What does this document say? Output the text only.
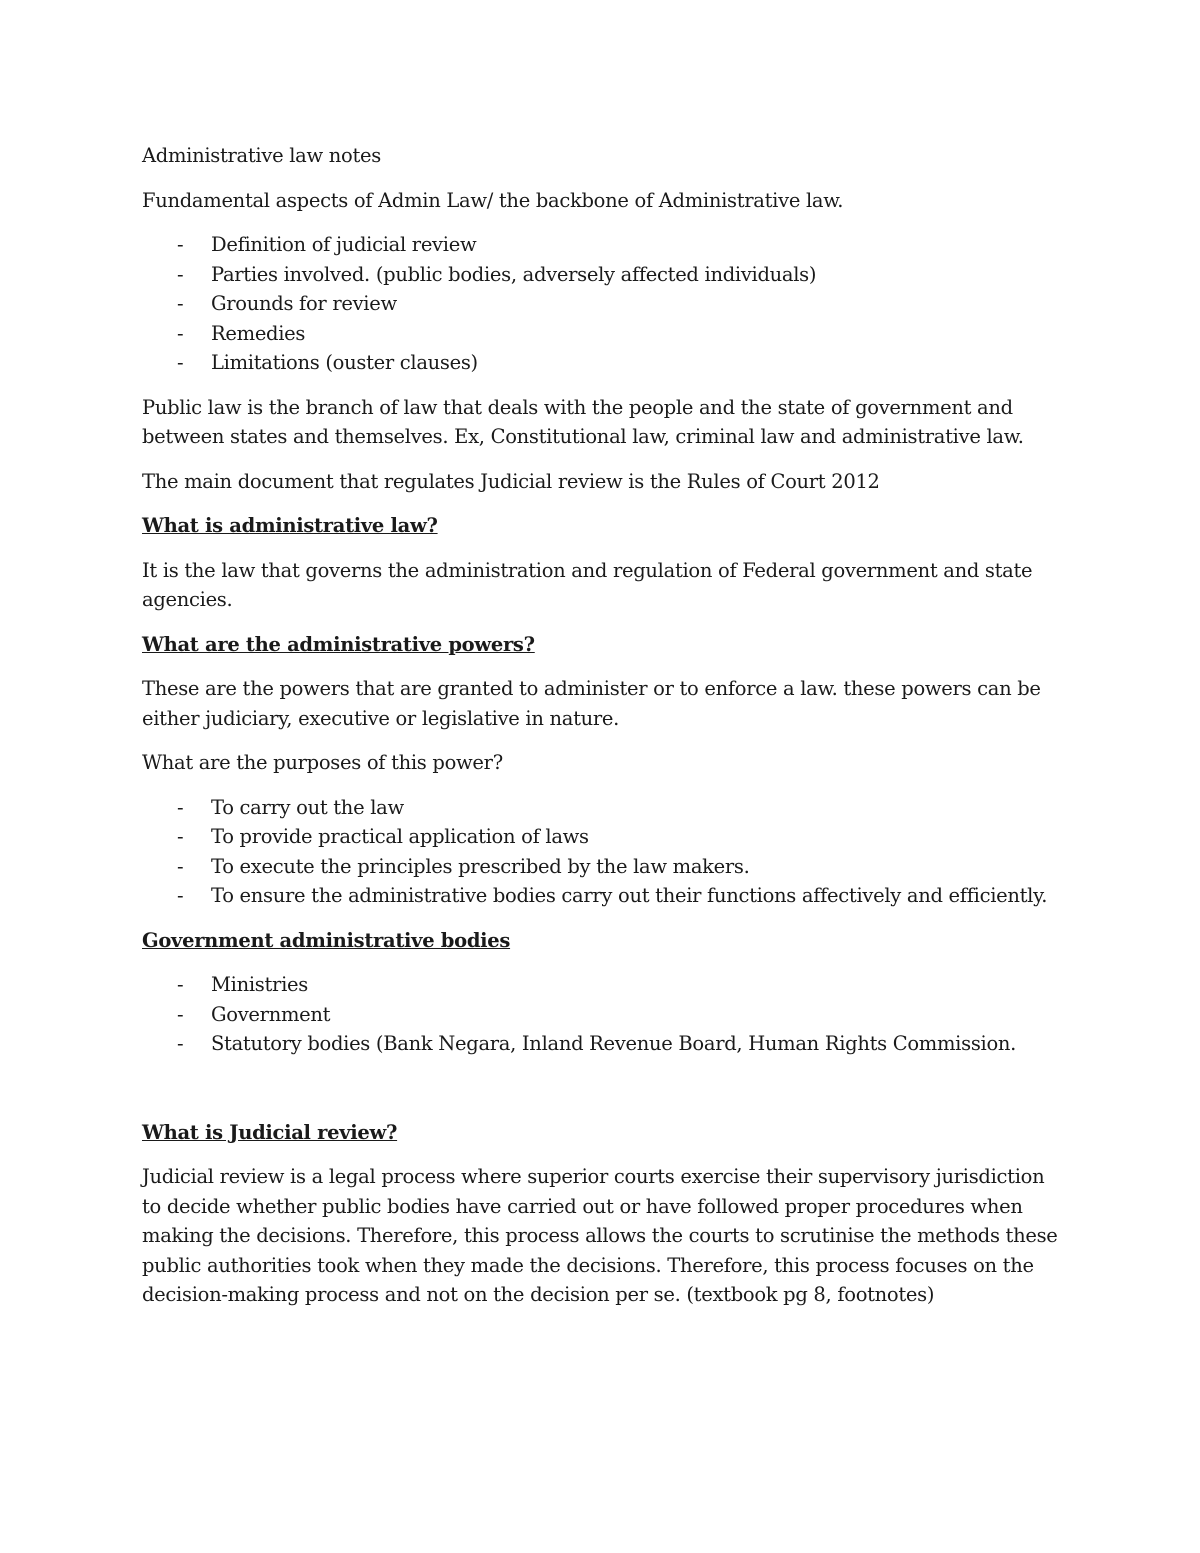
Administrative law notes

Fundamental aspects of Admin Law/ the backbone of Administrative law.

- Definition of judicial review
- Parties involved. (public bodies, adversely affected individuals)
- Grounds for review
- Remedies
- Limitations (ouster clauses)

Public law is the branch of law that deals with the people and the state of government and between states and themselves. Ex, Constitutional law, criminal law and administrative law.

The main document that regulates Judicial review is the Rules of Court 2012

What is administrative law?

It is the law that governs the administration and regulation of Federal government and state agencies.

What are the administrative powers?

These are the powers that are granted to administer or to enforce a law. these powers can be either judiciary, executive or legislative in nature.

What are the purposes of this power?

- To carry out the law
- To provide practical application of laws
- To execute the principles prescribed by the law makers.
- To ensure the administrative bodies carry out their functions affectively and efficiently.

Government administrative bodies

- Ministries
- Government
- Statutory bodies (Bank Negara, Inland Revenue Board, Human Rights Commission.

What is Judicial review?

Judicial review is a legal process where superior courts exercise their supervisory jurisdiction to decide whether public bodies have carried out or have followed proper procedures when making the decisions. Therefore, this process allows the courts to scrutinise the methods these public authorities took when they made the decisions. Therefore, this process focuses on the decision-making process and not on the decision per se. (textbook pg 8, footnotes)
